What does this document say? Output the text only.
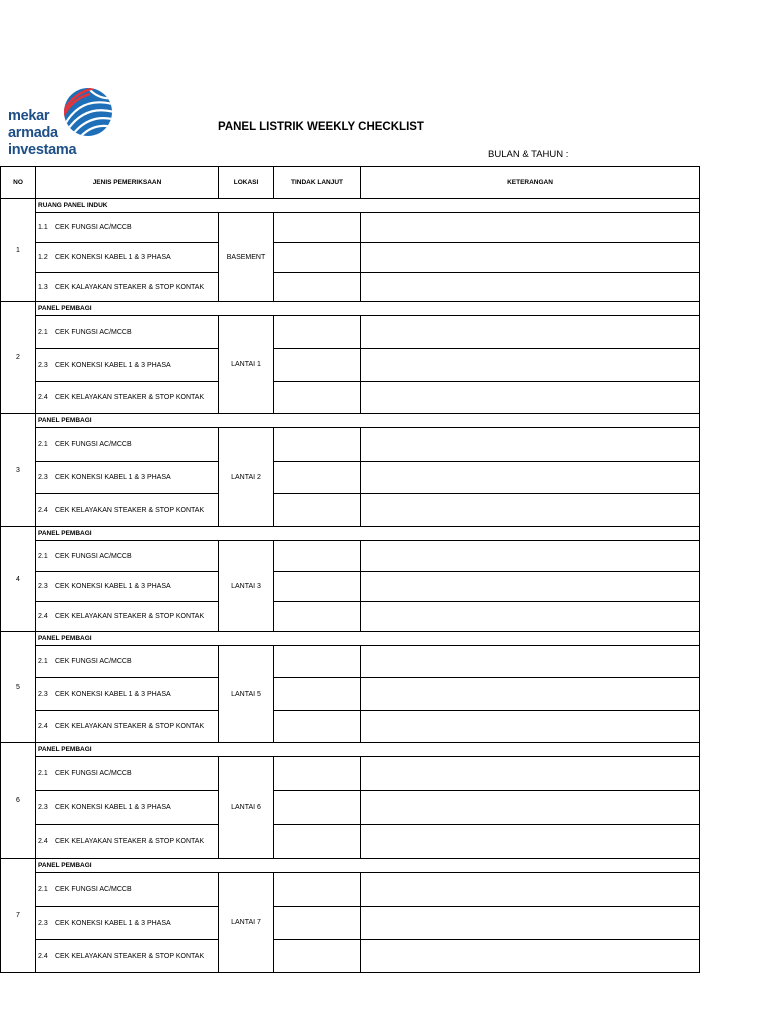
mekar
armada
investama
PANEL LISTRIK WEEKLY CHECKLIST
BULAN & TAHUN :
NO	JENIS PEMERIKSAAN	LOKASI	TINDAK LANJUT	KETERANGAN
1	RUANG PANEL INDUK			
	1.1 CEK FUNGSI AC/MCCB	BASEMENT		
	1.2 CEK KONEKSI KABEL 1 & 3 PHASA			
	1.3 CEK KALAYAKAN STEAKER & STOP KONTAK			
2	PANEL PEMBAGI			
	2.1 CEK FUNGSI AC/MCCB	LANTAI 1		
	2.3 CEK KONEKSI KABEL 1 & 3 PHASA			
	2.4 CEK KELAYAKAN STEAKER & STOP KONTAK			
3	PANEL PEMBAGI			
	2.1 CEK FUNGSI AC/MCCB	LANTAI 2		
	2.3 CEK KONEKSI KABEL 1 & 3 PHASA			
	2.4 CEK KELAYAKAN STEAKER & STOP KONTAK			
4	PANEL PEMBAGI			
	2.1 CEK FUNGSI AC/MCCB	LANTAI 3		
	2.3 CEK KONEKSI KABEL 1 & 3 PHASA			
	2.4 CEK KELAYAKAN STEAKER & STOP KONTAK			
5	PANEL PEMBAGI			
	2.1 CEK FUNGSI AC/MCCB	LANTAI 5		
	2.3 CEK KONEKSI KABEL 1 & 3 PHASA			
	2.4 CEK KELAYAKAN STEAKER & STOP KONTAK			
6	PANEL PEMBAGI			
	2.1 CEK FUNGSI AC/MCCB	LANTAI 6		
	2.3 CEK KONEKSI KABEL 1 & 3 PHASA			
	2.4 CEK KELAYAKAN STEAKER & STOP KONTAK			
7	PANEL PEMBAGI			
	2.1 CEK FUNGSI AC/MCCB	LANTAI 7		
	2.3 CEK KONEKSI KABEL 1 & 3 PHASA			
	2.4 CEK KELAYAKAN STEAKER & STOP KONTAK			
